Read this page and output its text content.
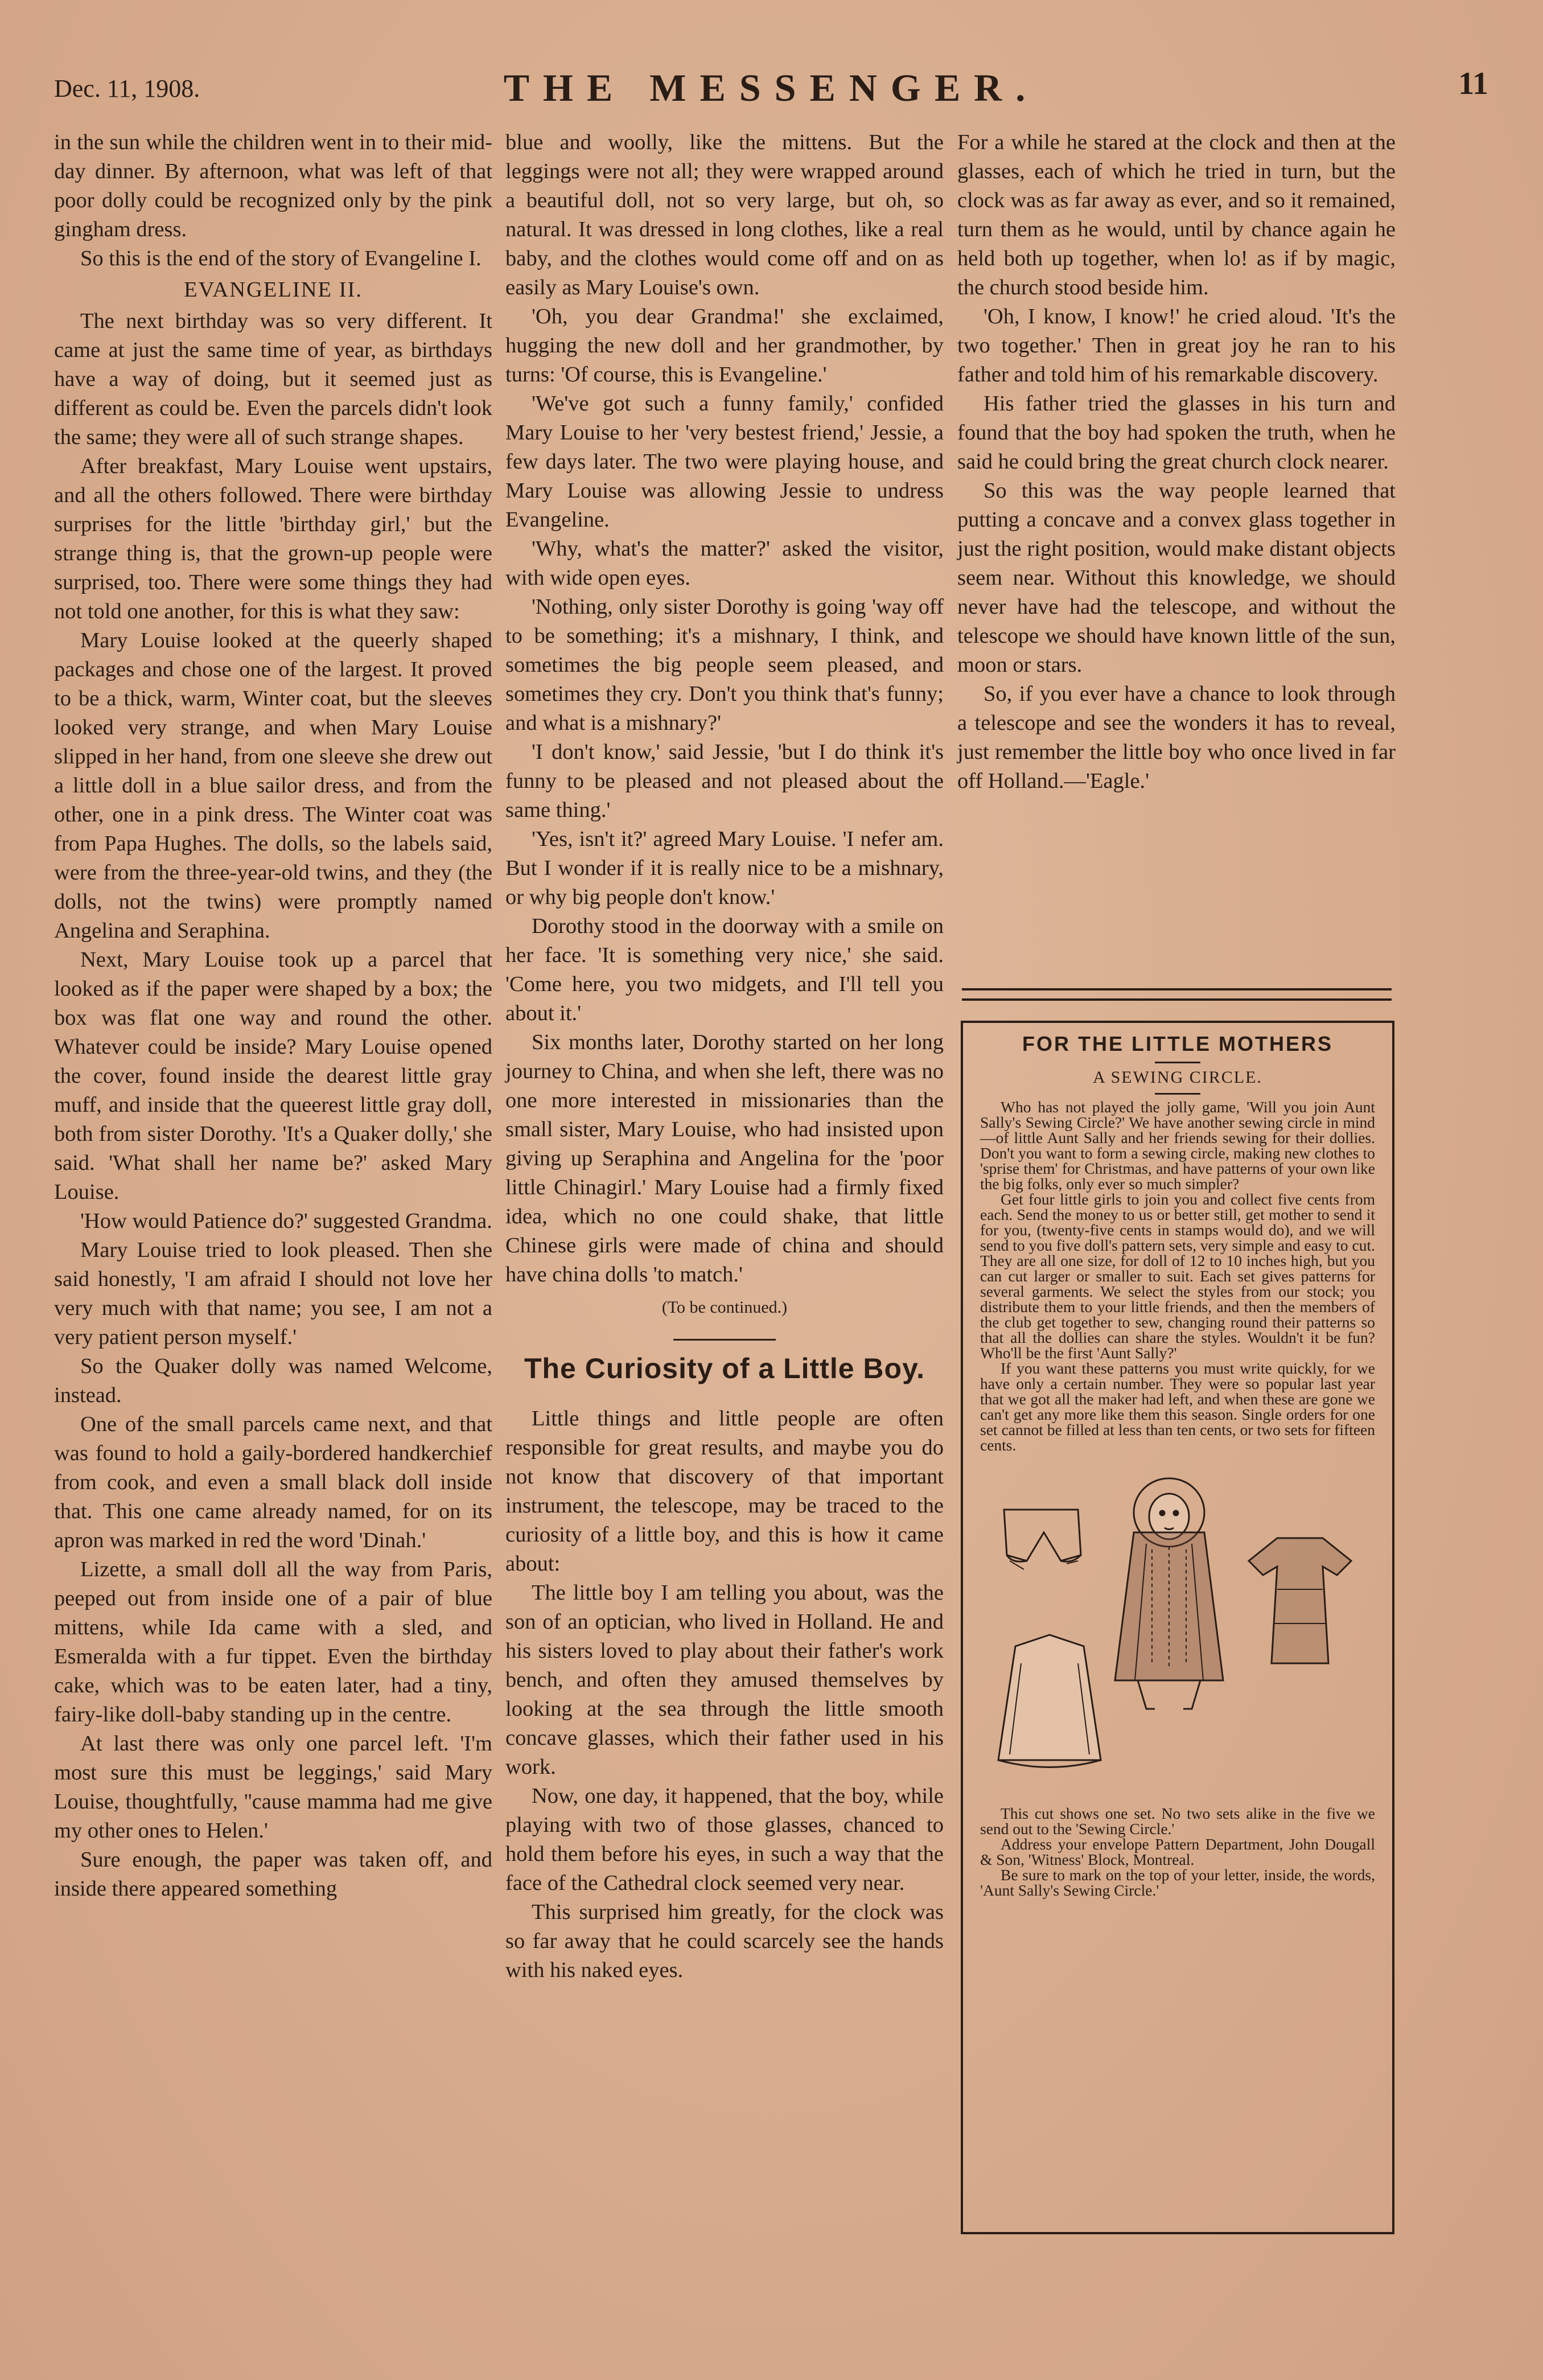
Dec. 11, 1908.	THE MESSENGER.	11

in the sun while the children went in to their mid-day dinner. By afternoon, what was left of that poor dolly could be recognized only by the pink gingham dress.

So this is the end of the story of Evangeline I.

EVANGELINE II.

The next birthday was so very different. It came at just the same time of year, as birthdays have a way of doing, but it seemed just as different as could be. Even the parcels didn't look the same; they were all of such strange shapes.

After breakfast, Mary Louise went upstairs, and all the others followed. There were birthday surprises for the little 'birthday girl,' but the strange thing is, that the grown-up people were surprised, too. There were some things they had not told one another, for this is what they saw:

Mary Louise looked at the queerly shaped packages and chose one of the largest. It proved to be a thick, warm, Winter coat, but the sleeves looked very strange, and when Mary Louise slipped in her hand, from one sleeve she drew out a little doll in a blue sailor dress, and from the other, one in a pink dress. The Winter coat was from Papa Hughes. The dolls, so the labels said, were from the three-year-old twins, and they (the dolls, not the twins) were promptly named Angelina and Seraphina.

Next, Mary Louise took up a parcel that looked as if the paper were shaped by a box; the box was flat one way and round the other. Whatever could be inside? Mary Louise opened the cover, found inside the dearest little gray muff, and inside that the queerest little gray doll, both from sister Dorothy. 'It's a Quaker dolly,' she said. 'What shall her name be?' asked Mary Louise.

'How would Patience do?' suggested Grandma.

Mary Louise tried to look pleased. Then she said honestly, 'I am afraid I should not love her very much with that name; you see, I am not a very patient person myself.'

So the Quaker dolly was named Welcome, instead.

One of the small parcels came next, and that was found to hold a gaily-bordered handkerchief from cook, and even a small black doll inside that. This one came already named, for on its apron was marked in red the word 'Dinah.'

Lizette, a small doll all the way from Paris, peeped out from inside one of a pair of blue mittens, while Ida came with a sled, and Esmeralda with a fur tippet. Even the birthday cake, which was to be eaten later, had a tiny, fairy-like doll-baby standing up in the centre.

At last there was only one parcel left. 'I'm most sure this must be leggings,' said Mary Louise, thoughtfully, ''cause mamma had me give my other ones to Helen.'

Sure enough, the paper was taken off, and inside there appeared something

blue and woolly, like the mittens. But the leggings were not all; they were wrapped around a beautiful doll, not so very large, but oh, so natural. It was dressed in long clothes, like a real baby, and the clothes would come off and on as easily as Mary Louise's own.

'Oh, you dear Grandma!' she exclaimed, hugging the new doll and her grandmother, by turns: 'Of course, this is Evangeline.'

'We've got such a funny family,' confided Mary Louise to her 'very bestest friend,' Jessie, a few days later. The two were playing house, and Mary Louise was allowing Jessie to undress Evangeline.

'Why, what's the matter?' asked the visitor, with wide open eyes.

'Nothing, only sister Dorothy is going 'way off to be something; it's a mishnary, I think, and sometimes the big people seem pleased, and sometimes they cry. Don't you think that's funny; and what is a mishnary?'

'I don't know,' said Jessie, 'but I do think it's funny to be pleased and not pleased about the same thing.'

'Yes, isn't it?' agreed Mary Louise. 'I nefer am. But I wonder if it is really nice to be a mishnary, or why big people don't know.'

Dorothy stood in the doorway with a smile on her face. 'It is something very nice,' she said. 'Come here, you two midgets, and I'll tell you about it.'

Six months later, Dorothy started on her long journey to China, and when she left, there was no one more interested in missionaries than the small sister, Mary Louise, who had insisted upon giving up Seraphina and Angelina for the 'poor little Chinagirl.' Mary Louise had a firmly fixed idea, which no one could shake, that little Chinese girls were made of china and should have china dolls 'to match.'

(To be continued.)

The Curiosity of a Little Boy.

Little things and little people are often responsible for great results, and maybe you do not know that discovery of that important instrument, the telescope, may be traced to the curiosity of a little boy, and this is how it came about:

The little boy I am telling you about, was the son of an optician, who lived in Holland. He and his sisters loved to play about their father's work bench, and often they amused themselves by looking at the sea through the little smooth concave glasses, which their father used in his work.

Now, one day, it happened, that the boy, while playing with two of those glasses, chanced to hold them before his eyes, in such a way that the face of the Cathedral clock seemed very near.

This surprised him greatly, for the clock was so far away that he could scarcely see the hands with his naked eyes.

For a while he stared at the clock and then at the glasses, each of which he tried in turn, but the clock was as far away as ever, and so it remained, turn them as he would, until by chance again he held both up together, when lo! as if by magic, the church stood beside him.

'Oh, I know, I know!' he cried aloud. 'It's the two together.' Then in great joy he ran to his father and told him of his remarkable discovery.

His father tried the glasses in his turn and found that the boy had spoken the truth, when he said he could bring the great church clock nearer.

So this was the way people learned that putting a concave and a convex glass together in just the right position, would make distant objects seem near. Without this knowledge, we should never have had the telescope, and without the telescope we should have known little of the sun, moon or stars.

So, if you ever have a chance to look through a telescope and see the wonders it has to reveal, just remember the little boy who once lived in far off Holland.—'Eagle.'

FOR THE LITTLE MOTHERS
A SEWING CIRCLE.

Who has not played the jolly game, 'Will you join Aunt Sally's Sewing Circle?' We have another sewing circle in mind—of little Aunt Sally and her friends sewing for their dollies. Don't you want to form a sewing circle, making new clothes to 'sprise them' for Christmas, and have patterns of your own like the big folks, only ever so much simpler?

Get four little girls to join you and collect five cents from each. Send the money to us or better still, get mother to send it for you, (twenty-five cents in stamps would do), and we will send to you five doll's pattern sets, very simple and easy to cut. They are all one size, for doll of 12 to 10 inches high, but you can cut larger or smaller to suit. Each set gives patterns for several garments. We select the styles from our stock; you distribute them to your little friends, and then the members of the club get together to sew, changing round their patterns so that all the dollies can share the styles. Wouldn't it be fun? Who'll be the first 'Aunt Sally?'

If you want these patterns you must write quickly, for we have only a certain number. They were so popular last year that we got all the maker had left, and when these are gone we can't get any more like them this season. Single orders for one set cannot be filled at less than ten cents, or two sets for fifteen cents.

This cut shows one set. No two sets alike in the five we send out to the 'Sewing Circle.'

Address your envelope Pattern Department, John Dougall & Son, 'Witness' Block, Montreal.

Be sure to mark on the top of your letter, inside, the words, 'Aunt Sally's Sewing Circle.'
